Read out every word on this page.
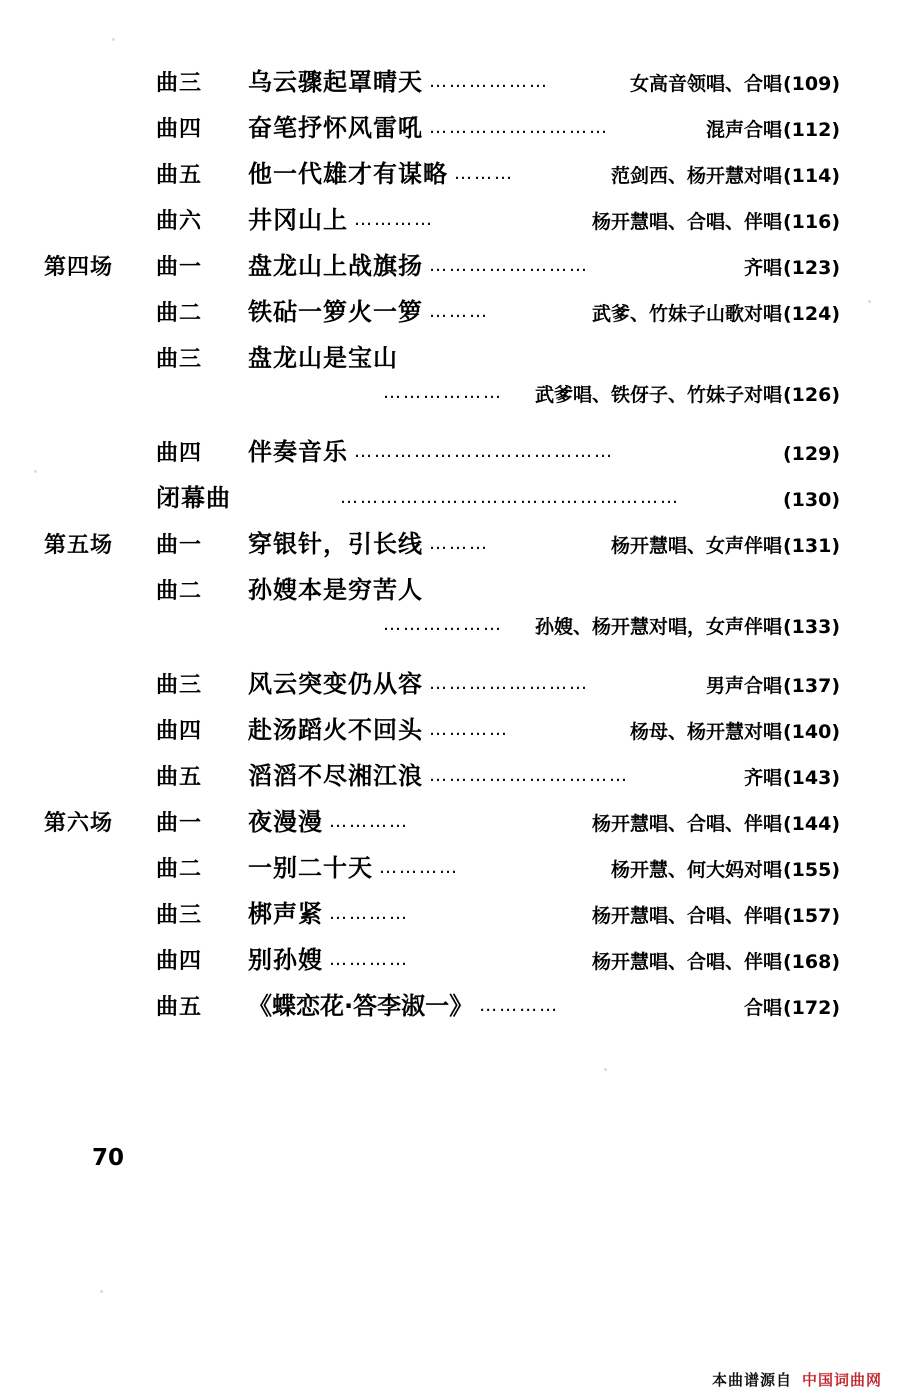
曲三	乌云骤起罩晴天 ………………	女高音领唱、合唱 (109)
曲四	奋笔抒怀风雷吼 ………………………	混声合唱 (112)
曲五	他一代雄才有谋略 ………	范剑西、杨开慧对唱 (114)
曲六	井冈山上 …………	杨开慧唱、合唱、伴唱 (116)
第四场	曲一	盘龙山上战旗扬 ……………………	齐唱 (123)
曲二	铁砧一箩火一箩 ………	武爹、竹妹子山歌对唱 (124)
曲三	盘龙山是宝山
………………	武爹唱、铁伢子、竹妹子对唱 (126)
曲四	伴奏音乐 …………………………………	(129)
闭幕曲	……………………………………………	(130)
第五场	曲一	穿银针，引长线 ………	杨开慧唱、女声伴唱 (131)
曲二	孙嫂本是穷苦人
………………	孙嫂、杨开慧对唱，女声伴唱 (133)
曲三	风云突变仍从容 ……………………	男声合唱 (137)
曲四	赴汤蹈火不回头 …………	杨母、杨开慧对唱 (140)
曲五	滔滔不尽湘江浪 …………………………	齐唱 (143)
第六场	曲一	夜漫漫 …………	杨开慧唱、合唱、伴唱 (144)
曲二	一别二十天 …………	杨开慧、何大妈对唱 (155)
曲三	梆声紧 …………	杨开慧唱、合唱、伴唱 (157)
曲四	别孙嫂 …………	杨开慧唱、合唱、伴唱 (168)
曲五	《蝶恋花·答李淑一》 …………	合唱 (172)
70
本曲谱源自 中国词曲网
